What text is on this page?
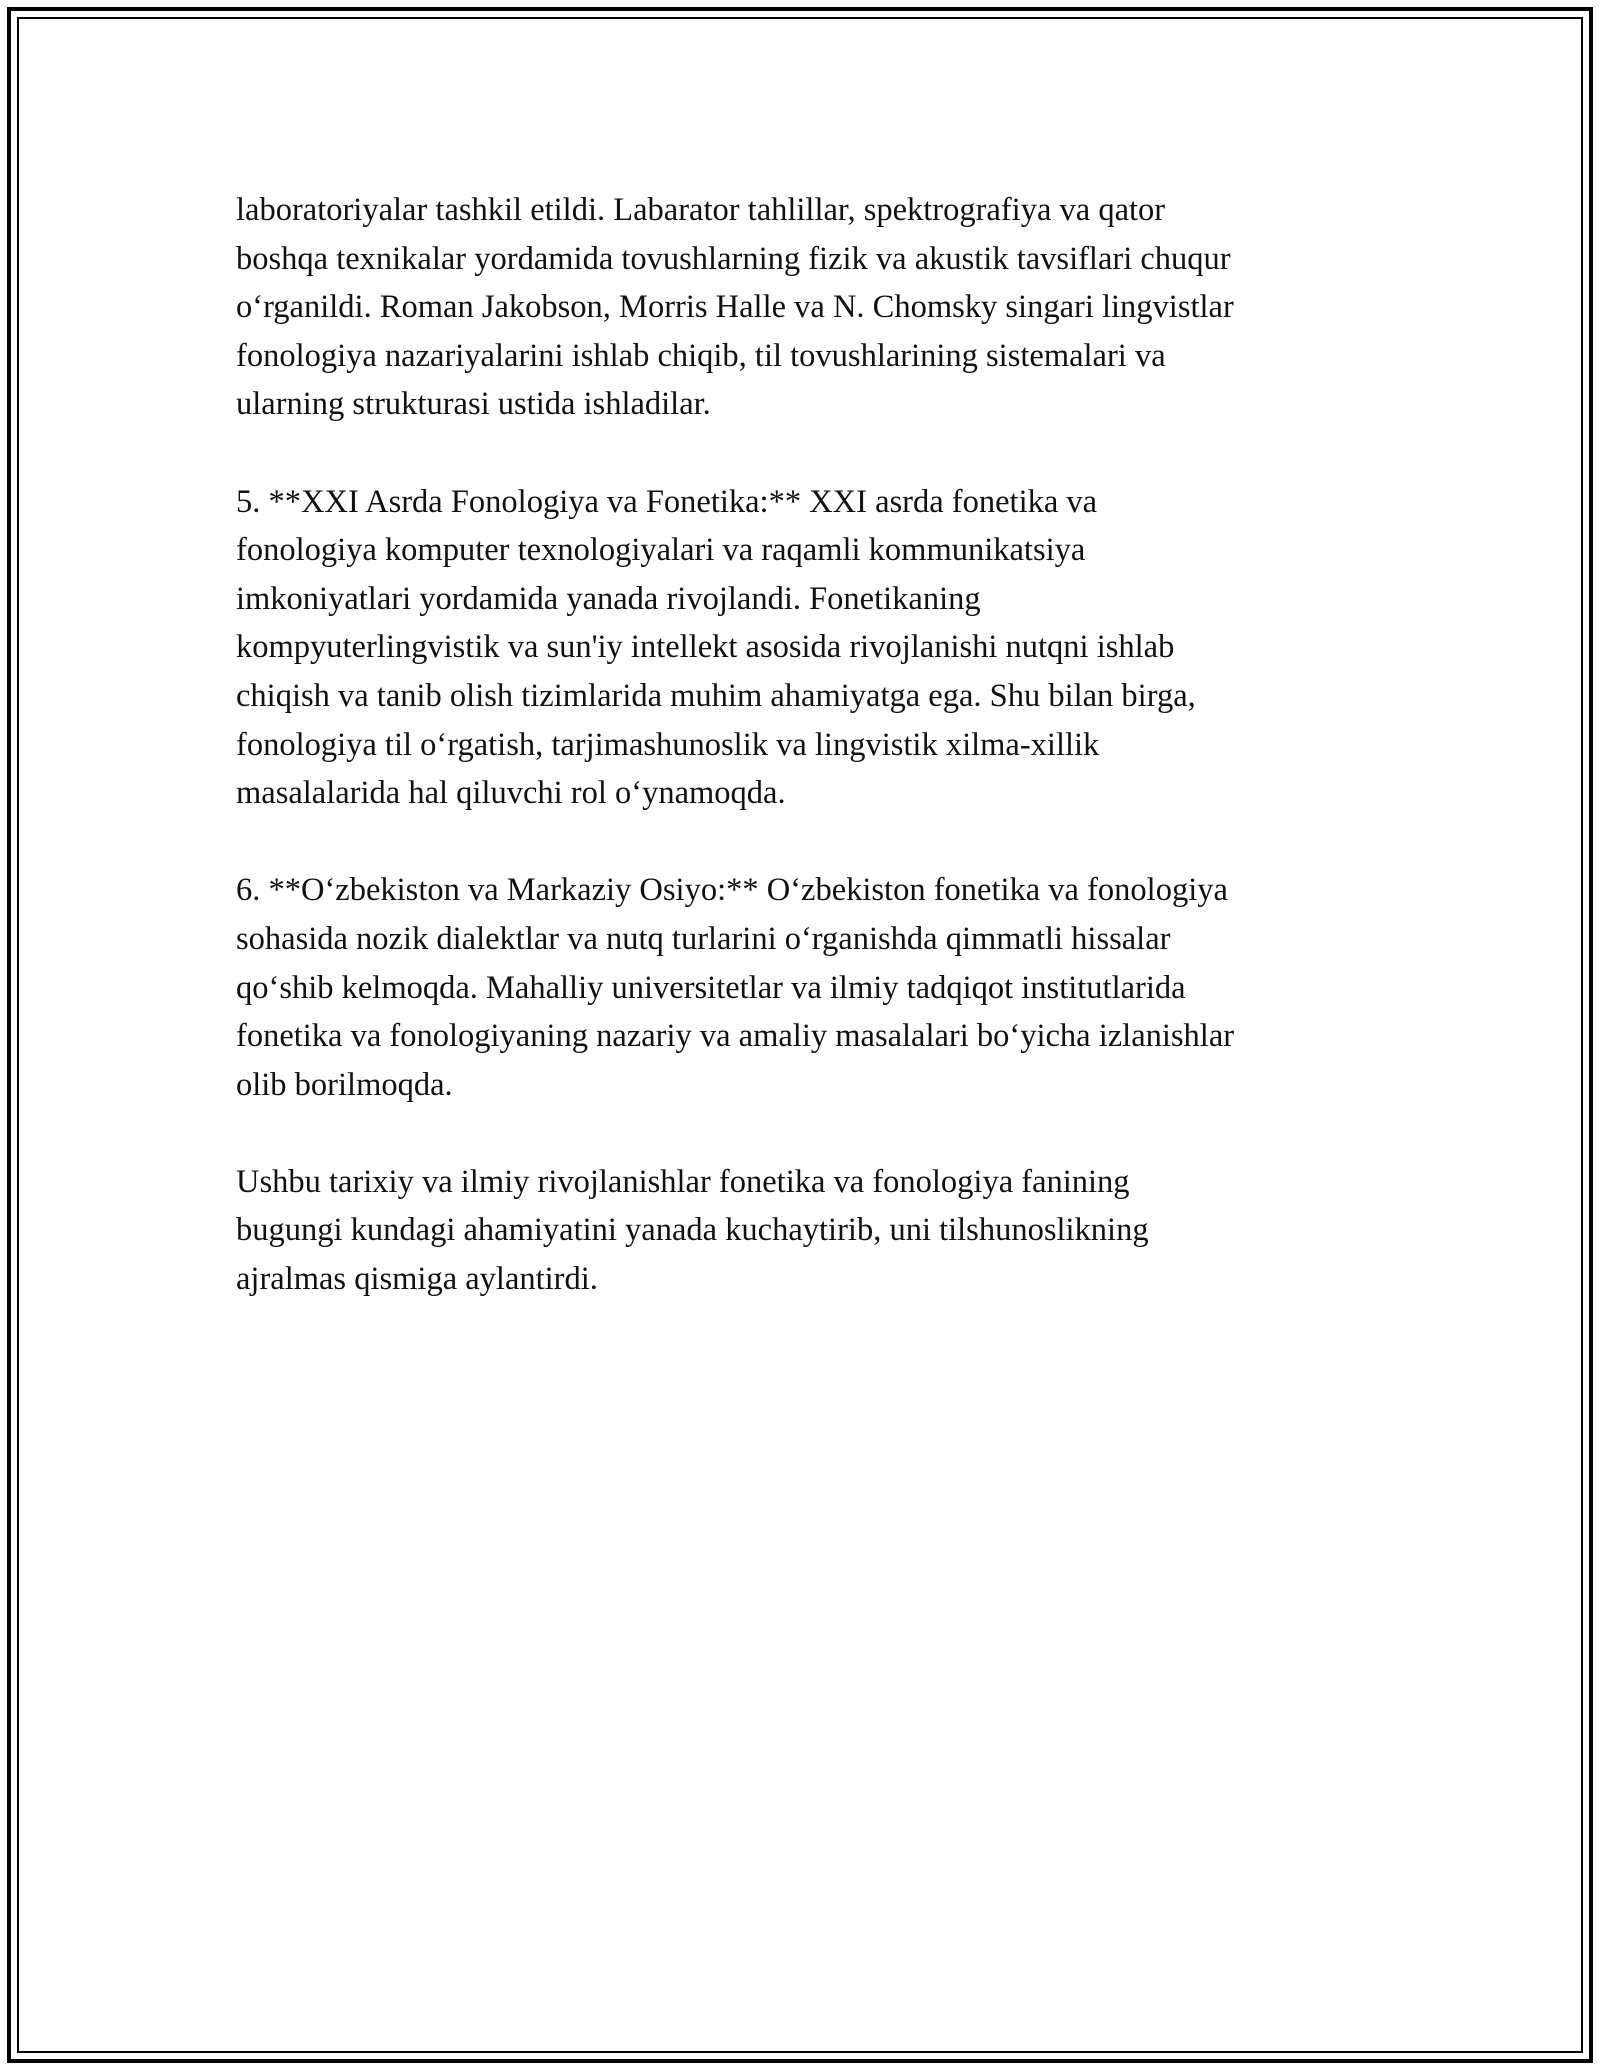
laboratoriyalar tashkil etildi. Labarator tahlillar, spektrografiya va qator
boshqa texnikalar yordamida tovushlarning fizik va akustik tavsiflari chuqur
o‘rganildi. Roman Jakobson, Morris Halle va N. Chomsky singari lingvistlar
fonologiya nazariyalarini ishlab chiqib, til tovushlarining sistemalari va
ularning strukturasi ustida ishladilar.

5. **XXI Asrda Fonologiya va Fonetika:** XXI asrda fonetika va
fonologiya komputer texnologiyalari va raqamli kommunikatsiya
imkoniyatlari yordamida yanada rivojlandi. Fonetikaning
kompyuterlingvistik va sun'iy intellekt asosida rivojlanishi nutqni ishlab
chiqish va tanib olish tizimlarida muhim ahamiyatga ega. Shu bilan birga,
fonologiya til o‘rgatish, tarjimashunoslik va lingvistik xilma-xillik
masalalarida hal qiluvchi rol o‘ynamoqda.

6. **O‘zbekiston va Markaziy Osiyo:** O‘zbekiston fonetika va fonologiya
sohasida nozik dialektlar va nutq turlarini o‘rganishda qimmatli hissalar
qo‘shib kelmoqda. Mahalliy universitetlar va ilmiy tadqiqot institutlarida
fonetika va fonologiyaning nazariy va amaliy masalalari bo‘yicha izlanishlar
olib borilmoqda.

Ushbu tarixiy va ilmiy rivojlanishlar fonetika va fonologiya fanining
bugungi kundagi ahamiyatini yanada kuchaytirib, uni tilshunoslikning
ajralmas qismiga aylantirdi.
